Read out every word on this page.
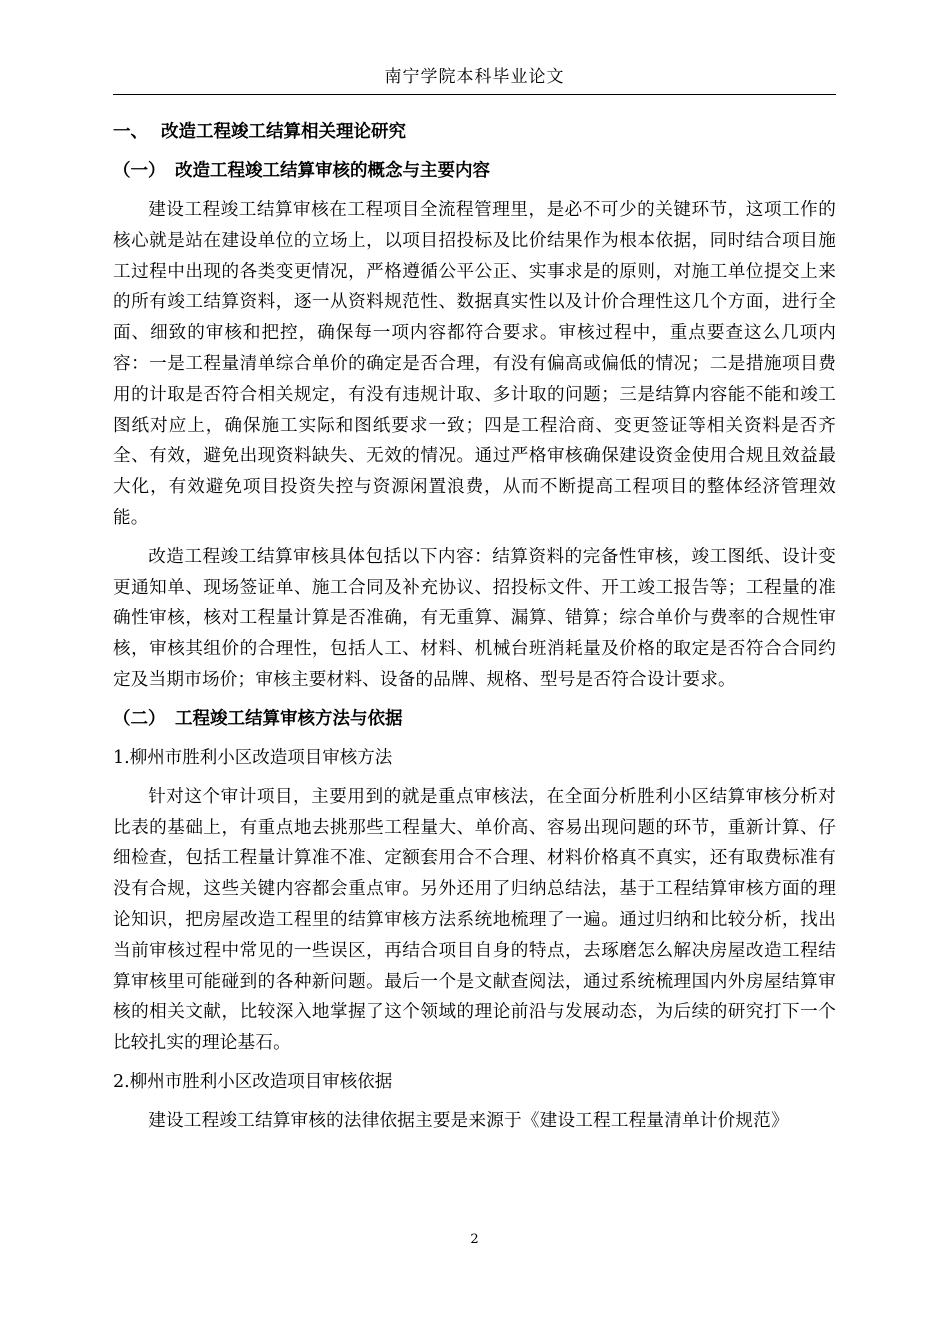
南宁学院本科毕业论文
一、 改造工程竣工结算相关理论研究
（一） 改造工程竣工结算审核的概念与主要内容

建设工程竣工结算审核在工程项目全流程管理里，是必不可少的关键环节，这项工作的核心就是站在建设单位的立场上，以项目招投标及比价结果作为根本依据，同时结合项目施工过程中出现的各类变更情况，严格遵循公平公正、实事求是的原则，对施工单位提交上来的所有竣工结算资料，逐一从资料规范性、数据真实性以及计价合理性这几个方面，进行全面、细致的审核和把控，确保每一项内容都符合要求。审核过程中，重点要查这么几项内容：一是工程量清单综合单价的确定是否合理，有没有偏高或偏低的情况；二是措施项目费用的计取是否符合相关规定，有没有违规计取、多计取的问题；三是结算内容能不能和竣工图纸对应上，确保施工实际和图纸要求一致；四是工程洽商、变更签证等相关资料是否齐全、有效，避免出现资料缺失、无效的情况。通过严格审核确保建设资金使用合规且效益最大化，有效避免项目投资失控与资源闲置浪费，从而不断提高工程项目的整体经济管理效能。

改造工程竣工结算审核具体包括以下内容：结算资料的完备性审核，竣工图纸、设计变更通知单、现场签证单、施工合同及补充协议、招投标文件、开工竣工报告等；工程量的准确性审核，核对工程量计算是否准确，有无重算、漏算、错算；综合单价与费率的合规性审核，审核其组价的合理性，包括人工、材料、机械台班消耗量及价格的取定是否符合合同约定及当期市场价；审核主要材料、设备的品牌、规格、型号是否符合设计要求。

（二） 工程竣工结算审核方法与依据
1.柳州市胜利小区改造项目审核方法

针对这个审计项目，主要用到的就是重点审核法，在全面分析胜利小区结算审核分析对比表的基础上，有重点地去挑那些工程量大、单价高、容易出现问题的环节，重新计算、仔细检查，包括工程量计算准不准、定额套用合不合理、材料价格真不真实，还有取费标准有没有合规，这些关键内容都会重点审。另外还用了归纳总结法，基于工程结算审核方面的理论知识，把房屋改造工程里的结算审核方法系统地梳理了一遍。通过归纳和比较分析，找出当前审核过程中常见的一些误区，再结合项目自身的特点，去琢磨怎么解决房屋改造工程结算审核里可能碰到的各种新问题。最后一个是文献查阅法，通过系统梳理国内外房屋结算审核的相关文献，比较深入地掌握了这个领域的理论前沿与发展动态，为后续的研究打下一个比较扎实的理论基石。

2.柳州市胜利小区改造项目审核依据

建设工程竣工结算审核的法律依据主要是来源于《建设工程工程量清单计价规范》

2
